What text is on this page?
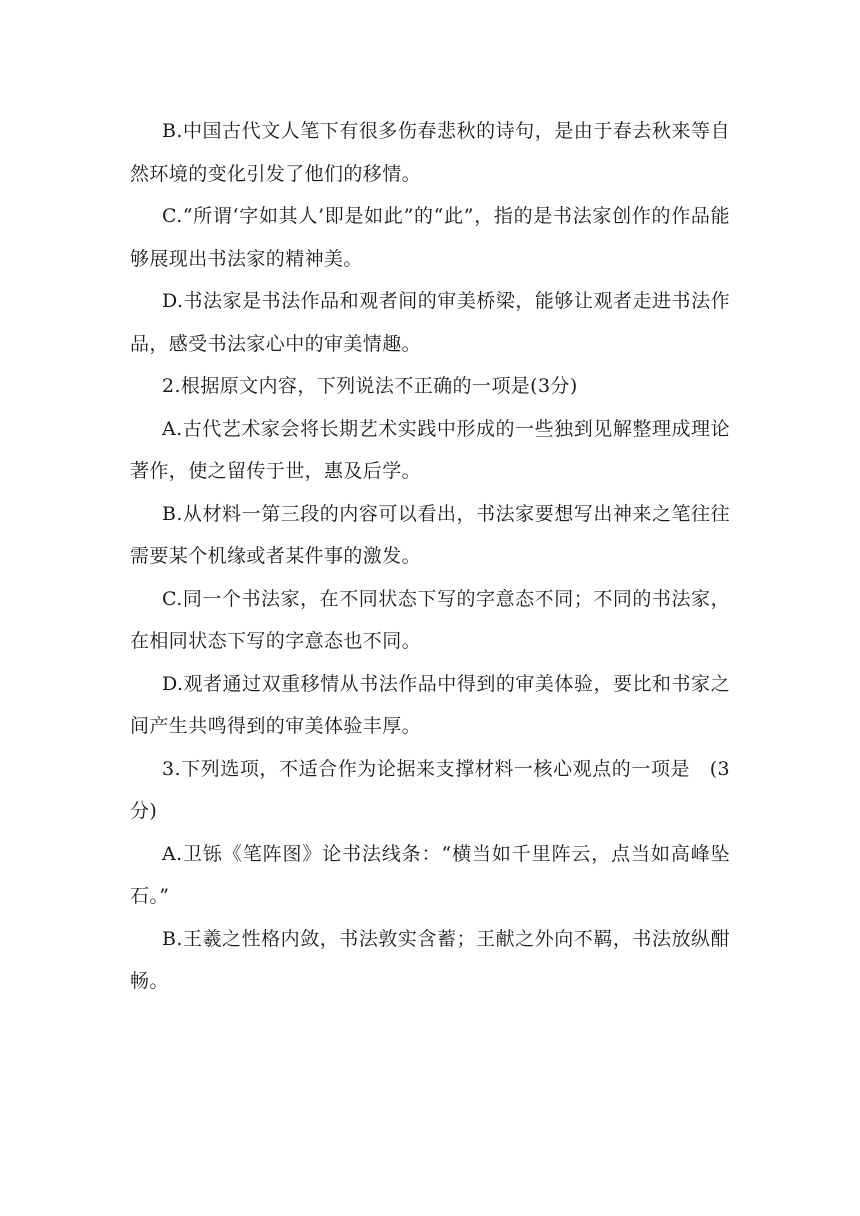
B.中国古代文人笔下有很多伤春悲秋的诗句，是由于春去秋来等自然环境的变化引发了他们的移情。

C.“所谓‘字如其人’即是如此”的“此”，指的是书法家创作的作品能够展现出书法家的精神美。

D.书法家是书法作品和观者间的审美桥梁，能够让观者走进书法作品，感受书法家心中的审美情趣。

2.根据原文内容，下列说法不正确的一项是(3分)

A.古代艺术家会将长期艺术实践中形成的一些独到见解整理成理论著作，使之留传于世，惠及后学。

B.从材料一第三段的内容可以看出，书法家要想写出神来之笔往往需要某个机缘或者某件事的激发。

C.同一个书法家，在不同状态下写的字意态不同；不同的书法家，在相同状态下写的字意态也不同。

D.观者通过双重移情从书法作品中得到的审美体验，要比和书家之间产生共鸣得到的审美体验丰厚。

3.下列选项，不适合作为论据来支撑材料一核心观点的一项是　(3分)

A.卫铄《笔阵图》论书法线条：“横当如千里阵云，点当如高峰坠石。”

B.王羲之性格内敛，书法敦实含蓄；王献之外向不羁，书法放纵酣畅。
